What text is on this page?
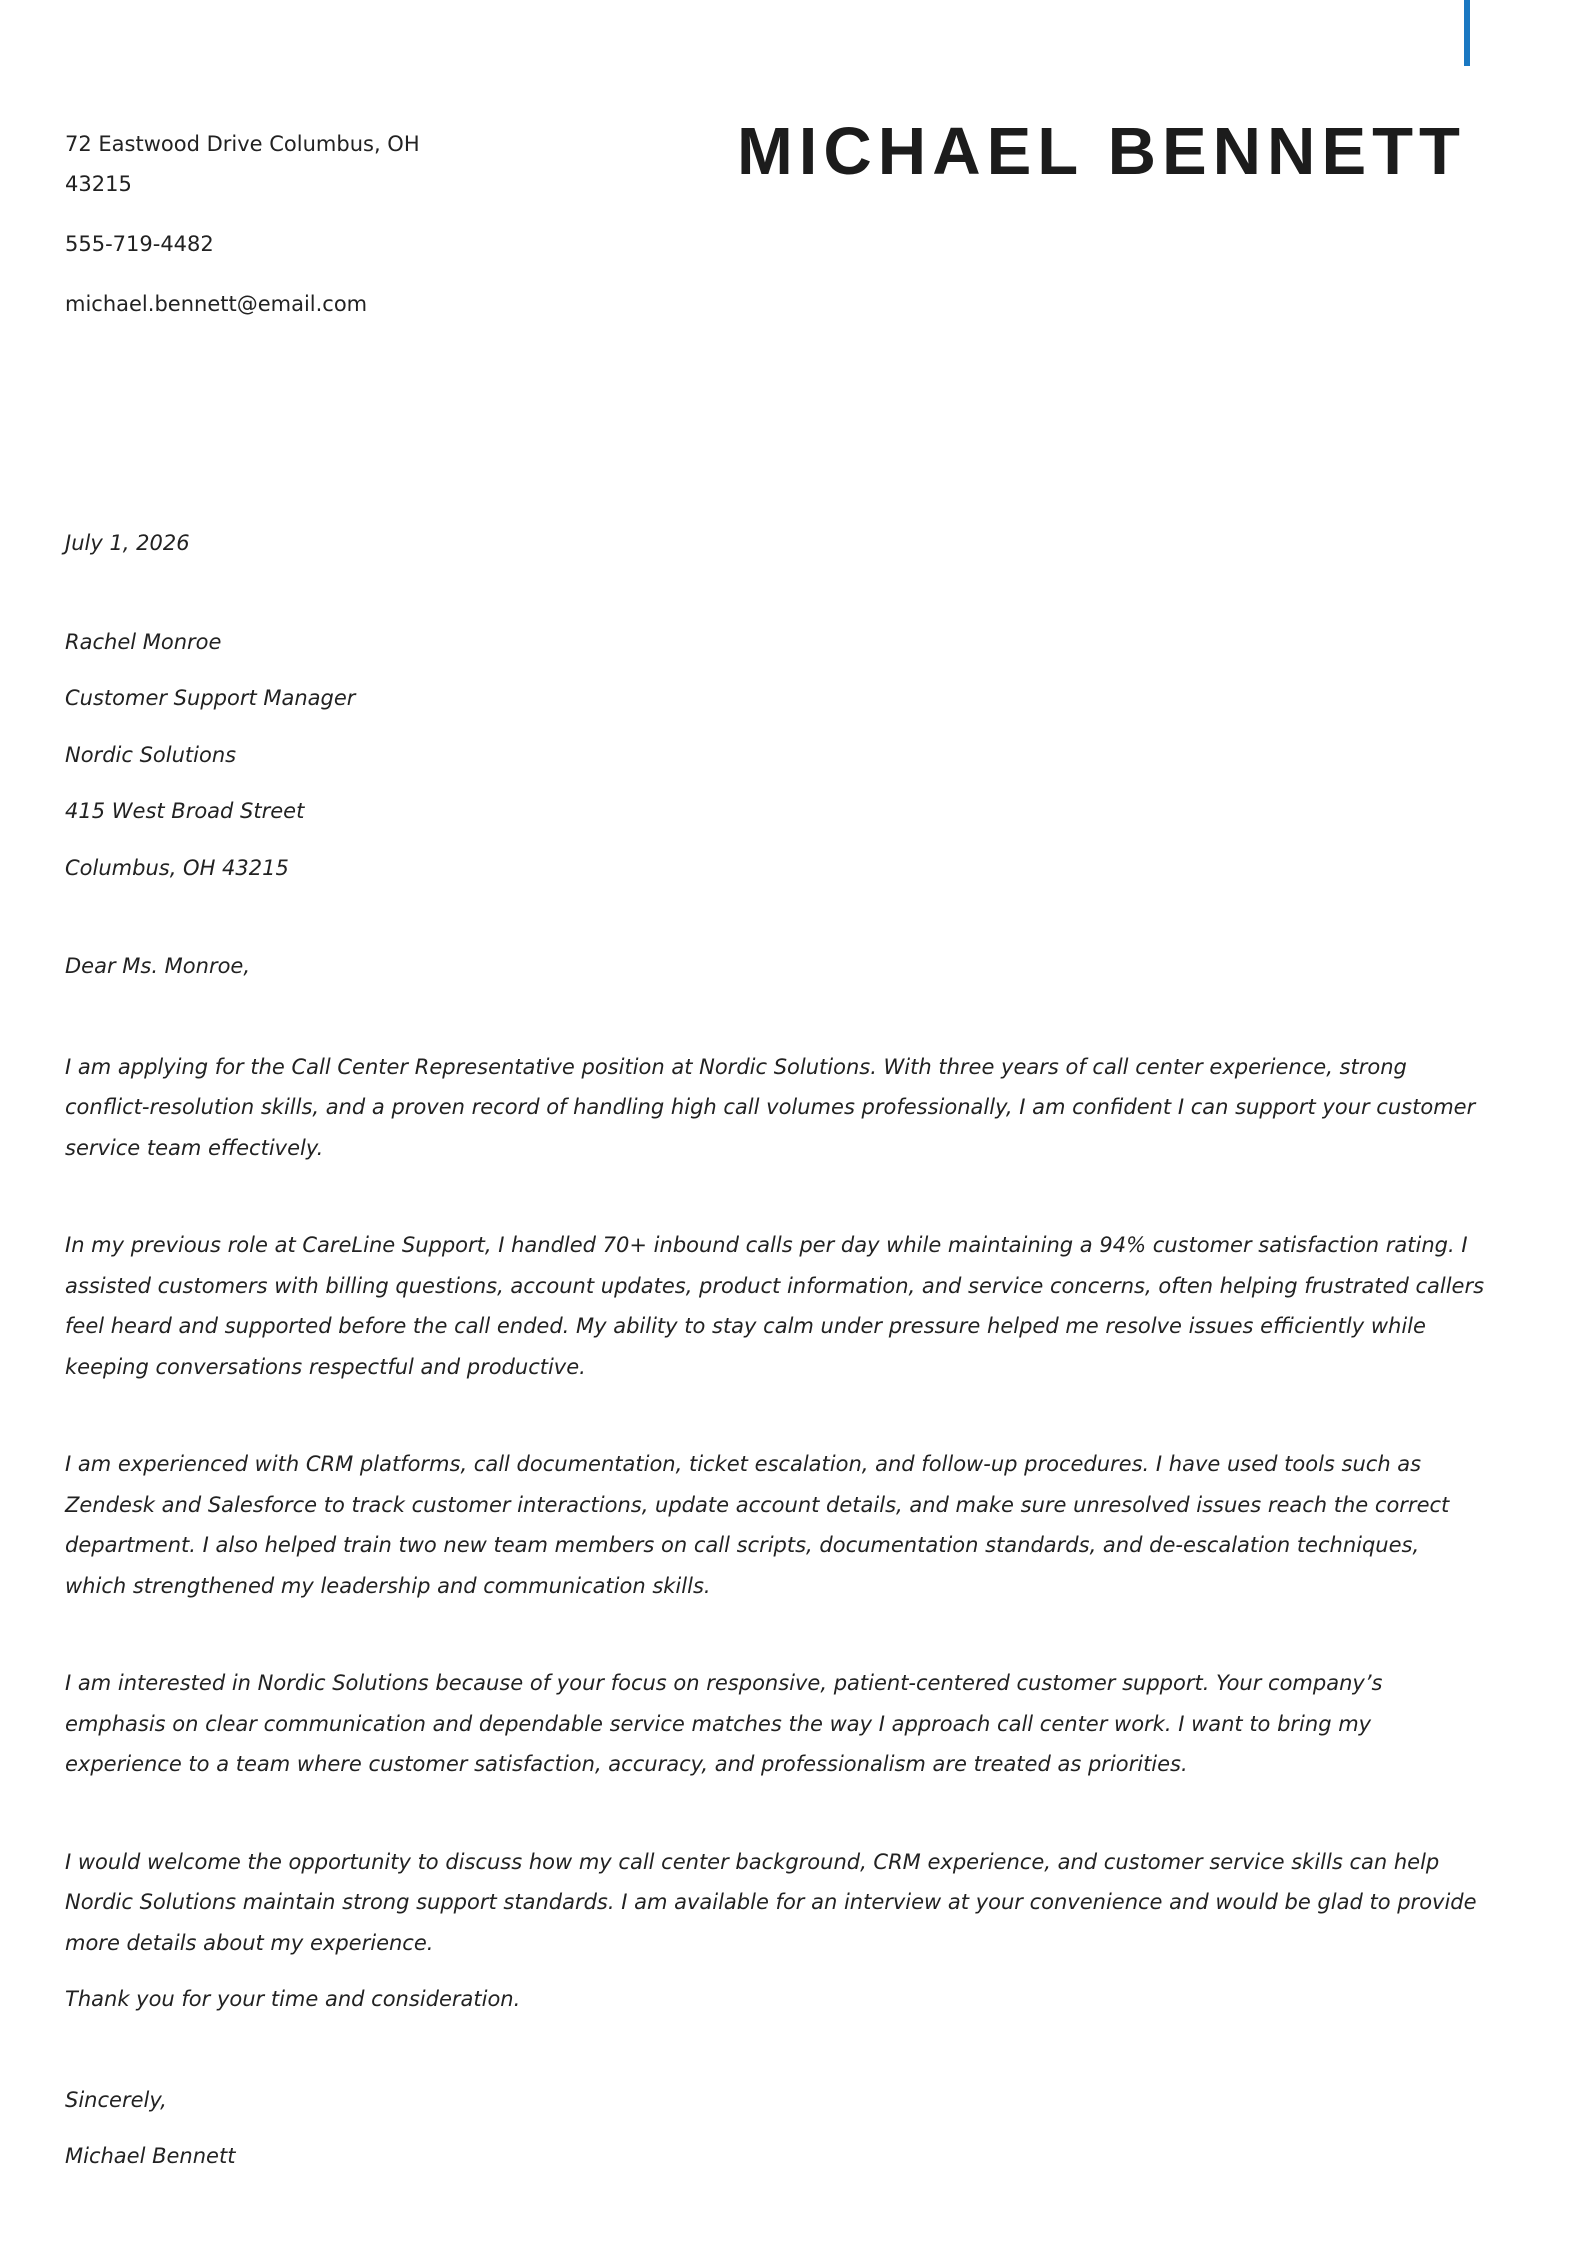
MICHAEL BENNETT

72 Eastwood Drive Columbus, OH 43215

555-719-4482

michael.bennett@email.com

July 1, 2026

Rachel Monroe

Customer Support Manager

Nordic Solutions

415 West Broad Street

Columbus, OH 43215

Dear Ms. Monroe,

I am applying for the Call Center Representative position at Nordic Solutions. With three years of call center experience, strong conflict-resolution skills, and a proven record of handling high call volumes professionally, I am confident I can support your customer service team effectively.

In my previous role at CareLine Support, I handled 70+ inbound calls per day while maintaining a 94% customer satisfaction rating. I assisted customers with billing questions, account updates, product information, and service concerns, often helping frustrated callers feel heard and supported before the call ended. My ability to stay calm under pressure helped me resolve issues efficiently while keeping conversations respectful and productive.

I am experienced with CRM platforms, call documentation, ticket escalation, and follow-up procedures. I have used tools such as Zendesk and Salesforce to track customer interactions, update account details, and make sure unresolved issues reach the correct department. I also helped train two new team members on call scripts, documentation standards, and de-escalation techniques, which strengthened my leadership and communication skills.

I am interested in Nordic Solutions because of your focus on responsive, patient-centered customer support. Your company’s emphasis on clear communication and dependable service matches the way I approach call center work. I want to bring my experience to a team where customer satisfaction, accuracy, and professionalism are treated as priorities.

I would welcome the opportunity to discuss how my call center background, CRM experience, and customer service skills can help Nordic Solutions maintain strong support standards. I am available for an interview at your convenience and would be glad to provide more details about my experience.

Thank you for your time and consideration.

Sincerely,

Michael Bennett
